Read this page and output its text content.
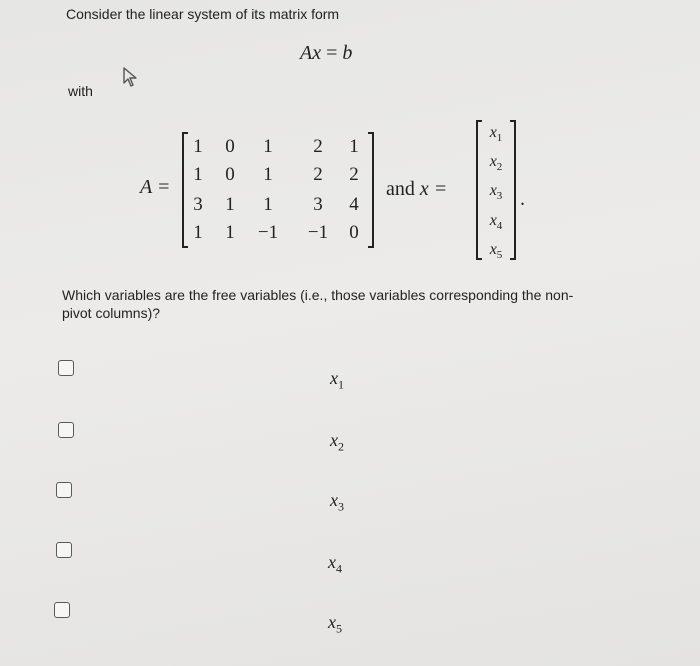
Consider the linear system of its matrix form
Ax = b
with
A =
1	0	1	2	1
1	0	1	2	2
3	1	1	3	4
1	1	−1	−1	0
and x =
$x_1$
$x_2$
$x_3$
$x_4$
$x_5$
.
Which variables are the free variables (i.e., those variables corresponding the non-pivot columns)?
$x_1$
$x_2$
$x_3$
$x_4$
$x_5$
